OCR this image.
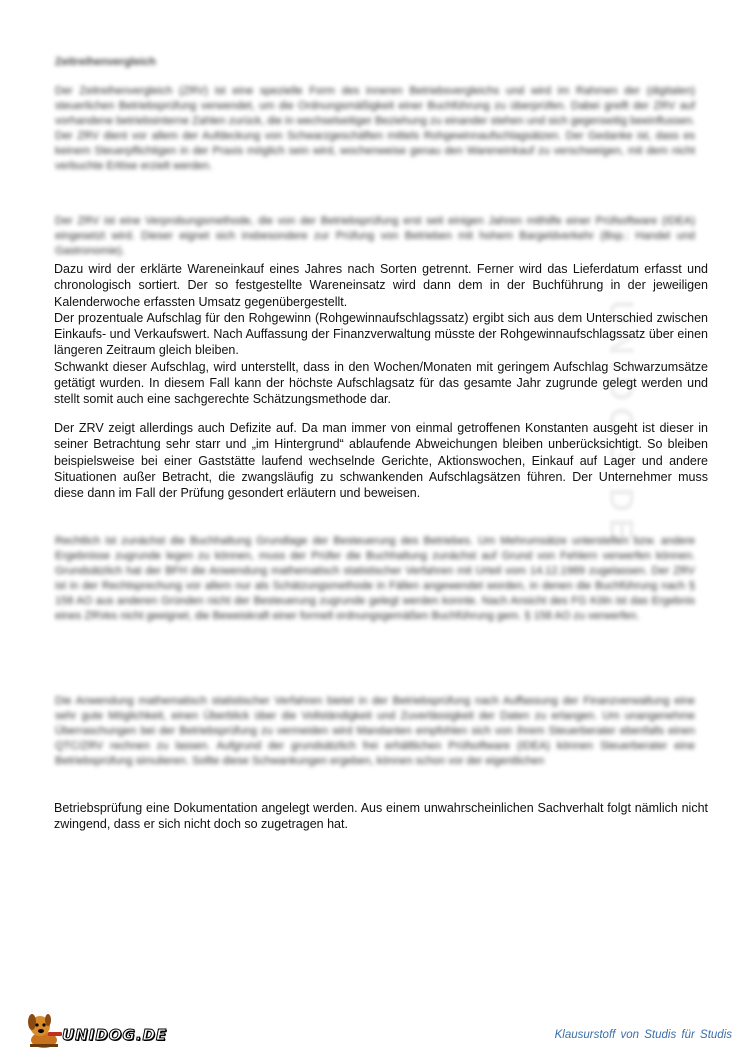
UNIDOG.DE
Zeitreihenvergleich
Der Zeitreihenvergleich (ZRV) ist eine spezielle Form des inneren Betriebsvergleichs und wird im Rahmen der (digitalen) steuerlichen Betriebsprüfung verwendet, um die Ordnungsmäßigkeit einer Buchführung zu überprüfen. Dabei greift der ZRV auf vorhandene betriebsinterne Zahlen zurück, die in wechselseitiger Beziehung zu einander stehen und sich gegenseitig beeinflussen. Der ZRV dient vor allem der Aufdeckung von Schwarzgeschäften mittels Rohgewinnaufschlagsätzen. Der Gedanke ist, dass es keinem Steuerpflichtigen in der Praxis möglich sein wird, wochenweise genau den Wareneinkauf zu verschweigen, mit dem nicht verbuchte Erlöse erzielt werden.
Der ZRV ist eine Verprobungsmethode, die von der Betriebsprüfung erst seit einigen Jahren mithilfe einer Prüfsoftware (IDEA) eingesetzt wird. Dieser eignet sich insbesondere zur Prüfung von Betrieben mit hohem Bargeldverkehr (Bsp.: Handel und Gastronomie).

Dazu wird der erklärte Wareneinkauf eines Jahres nach Sorten getrennt. Ferner wird das Lieferdatum erfasst und chronologisch sortiert. Der so festgestellte Wareneinsatz wird dann dem in der Buchführung in der jeweiligen Kalenderwoche erfassten Umsatz gegenübergestellt.

Der prozentuale Aufschlag für den Rohgewinn (Rohgewinnaufschlagssatz) ergibt sich aus dem Unterschied zwischen Einkaufs- und Verkaufswert. Nach Auffassung der Finanzverwaltung müsste der Rohgewinnaufschlagssatz über einen längeren Zeitraum gleich bleiben.

Schwankt dieser Aufschlag, wird unterstellt, dass in den Wochen/Monaten mit geringem Aufschlag Schwarzumsätze getätigt wurden. In diesem Fall kann der höchste Aufschlagsatz für das gesamte Jahr zugrunde gelegt werden und stellt somit auch eine sachgerechte Schätzungsmethode dar.

Der ZRV zeigt allerdings auch Defizite auf. Da man immer von einmal getroffenen Konstanten ausgeht ist dieser in seiner Betrachtung sehr starr und „im Hintergrund“ ablaufende Abweichungen bleiben unberücksichtigt. So bleiben beispielsweise bei einer Gaststätte laufend wechselnde Gerichte, Aktionswochen, Einkauf auf Lager und andere Situationen außer Betracht, die zwangsläufig zu schwankenden Aufschlagsätzen führen. Der Unternehmer muss diese dann im Fall der Prüfung gesondert erläutern und beweisen.

Rechtlich ist zunächst die Buchhaltung Grundlage der Besteuerung des Betriebes. Um Mehrumsätze unterstellen bzw. andere Ergebnisse zugrunde legen zu können, muss der Prüfer die Buchhaltung zunächst auf Grund von Fehlern verwerfen können. Grundsätzlich hat der BFH die Anwendung mathematisch statistischer Verfahren mit Urteil vom 14.12.1989 zugelassen. Der ZRV ist in der Rechtsprechung vor allem nur als Schätzungsmethode in Fällen angewendet worden, in denen die Buchführung nach § 158 AO aus anderen Gründen nicht der Besteuerung zugrunde gelegt werden konnte. Nach Ansicht des FG Köln ist das Ergebnis eines ZRVes nicht geeignet, die Beweiskraft einer formell ordnungsgemäßen Buchführung gem. § 158 AO zu verwerfen.
Die Anwendung mathematisch statistischer Verfahren bietet in der Betriebsprüfung nach Auffassung der Finanzverwaltung eine sehr gute Möglichkeit, einen Überblick über die Vollständigkeit und Zuverlässigkeit der Daten zu erlangen. Um unangenehme Überraschungen bei der Betriebsprüfung zu vermeiden wird Mandanten empfohlen sich von ihrem Steuerberater ebenfalls einen QTC/ZRV rechnen zu lassen. Aufgrund der grundsätzlich frei erhältlichen Prüfsoftware (IDEA) können Steuerberater eine Betriebsprüfung simulieren. Sollte diese Schwankungen ergeben, können schon vor der eigentlichen

Betriebsprüfung eine Dokumentation angelegt werden. Aus einem unwahrscheinlichen Sachverhalt folgt nämlich nicht zwingend, dass er sich nicht doch so zugetragen hat.

UNIDOG.DE	Klausurstoff von Studis für Studis
